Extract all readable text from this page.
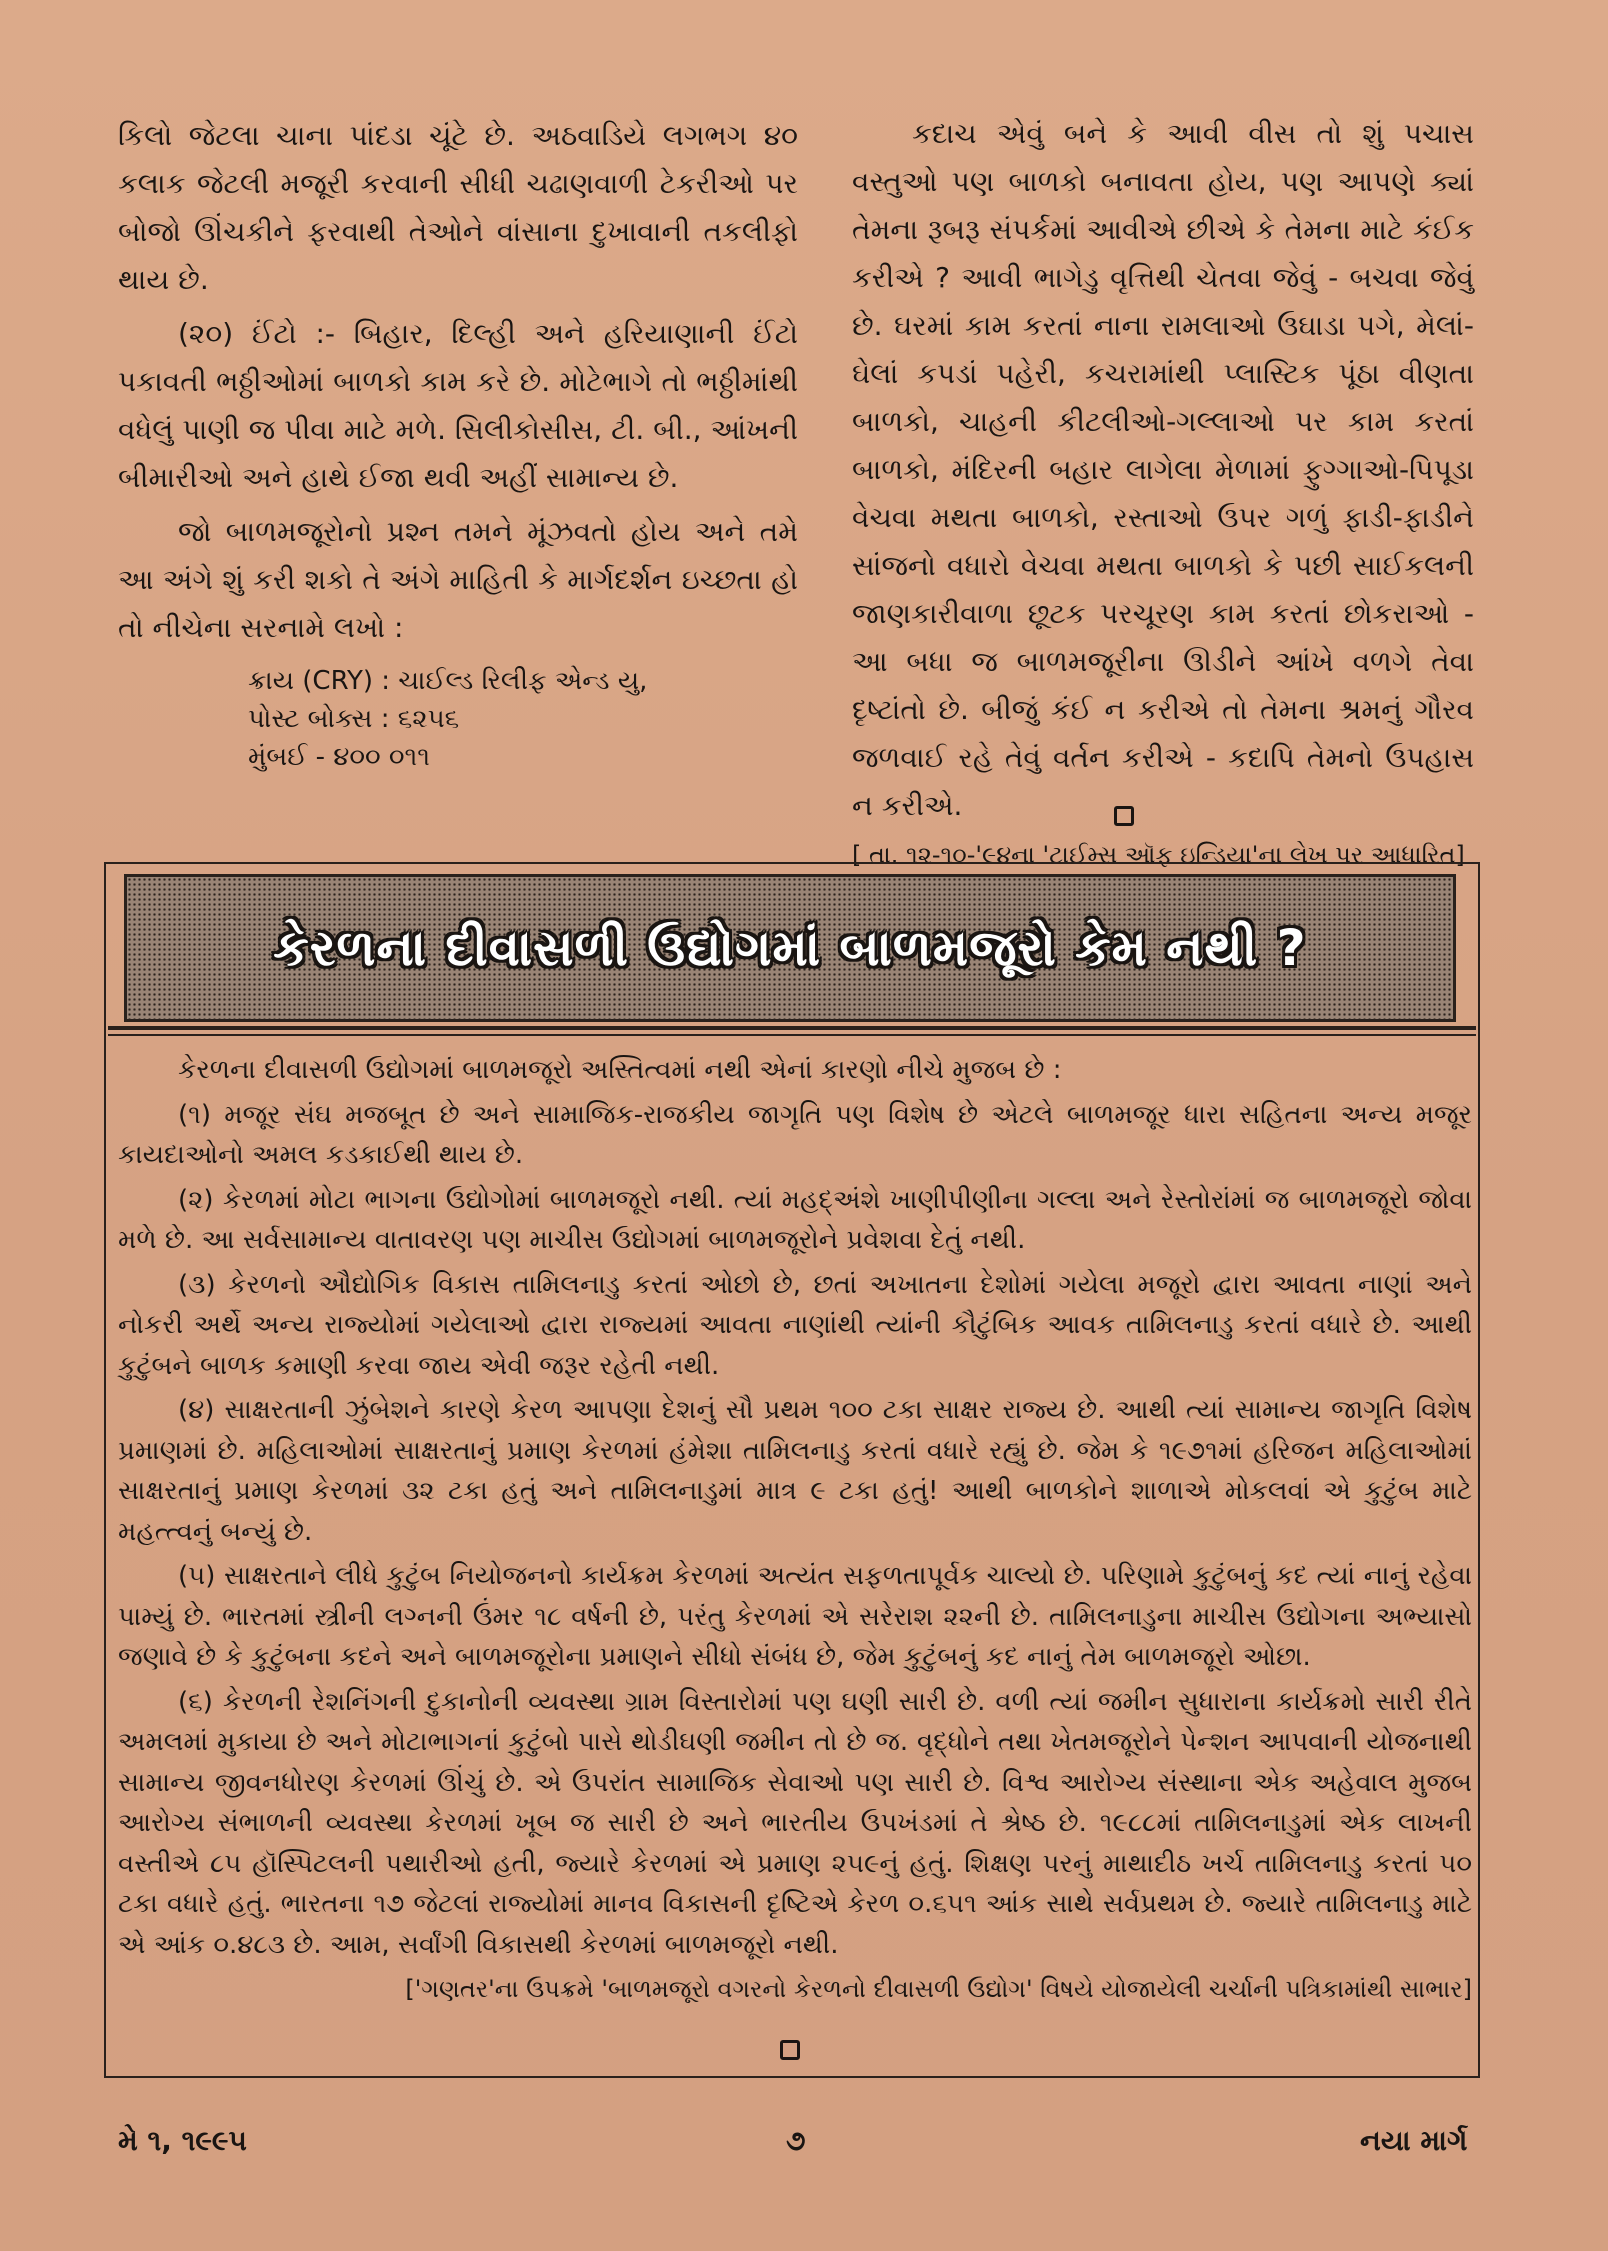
કિલો જેટલા ચાના પાંદડા ચૂંટે છે. અઠવાડિયે લગભગ ૪૦ કલાક જેટલી મજૂરી કરવાની સીધી ચઢાણવાળી ટેકરીઓ પર બોજો ઊંચકીને ફરવાથી તેઓને વાંસાના દુખાવાની તકલીફો થાય છે.

(૨૦) ઈંટો :- બિહાર, દિલ્હી અને હરિયાણાની ઈંટો પકાવતી ભઠ્ઠીઓમાં બાળકો કામ કરે છે. મોટેભાગે તો ભઠ્ઠીમાંથી વધેલું પાણી જ પીવા માટે મળે. સિલીકોસીસ, ટી. બી., આંખની બીમારીઓ અને હાથે ઈજા થવી અહીં સામાન્ય છે.

જો બાળમજૂરોનો પ્રશ્ન તમને મૂંઝવતો હોય અને તમે આ અંગે શું કરી શકો તે અંગે માહિતી કે માર્ગદર્શન ઇચ્છતા હો તો નીચેના સરનામે લખો :

ક્રાય (CRY) : ચાઈલ્ડ રિલીફ એન્ડ યુ,
પોસ્ટ બોક્સ : ૬૨૫૬
મુંબઈ - ૪૦૦ ૦૧૧

કદાચ એવું બને કે આવી વીસ તો શું પચાસ વસ્તુઓ પણ બાળકો બનાવતા હોય, પણ આપણે ક્યાં તેમના રૂબરૂ સંપર્કમાં આવીએ છીએ કે તેમના માટે કંઈક કરીએ ? આવી ભાગેડુ વૃત્તિથી ચેતવા જેવું - બચવા જેવું છે. ઘરમાં કામ કરતાં નાના રામલાઓ ઉઘાડા પગે, મેલાં-ઘેલાં કપડાં પહેરી, કચરામાંથી પ્લાસ્ટિક પૂંઠા વીણતા બાળકો, ચાહની કીટલીઓ-ગલ્લાઓ પર કામ કરતાં બાળકો, મંદિરની બહાર લાગેલા મેળામાં ફુગ્ગાઓ-પિપૂડા વેચવા મથતા બાળકો, રસ્તાઓ ઉપર ગળું ફાડી-ફાડીને સાંજનો વધારો વેચવા મથતા બાળકો કે પછી સાઈકલની જાણકારીવાળા છૂટક પરચૂરણ કામ કરતાં છોકરાઓ - આ બધા જ બાળમજૂરીના ઊડીને આંખે વળગે તેવા દૃષ્ટાંતો છે. બીજું કંઈ ન કરીએ તો તેમના શ્રમનું ગૌરવ જળવાઈ રહે તેવું વર્તન કરીએ - કદાપિ તેમનો ઉપહાસ ન કરીએ.

[ તા. ૧૨-૧૦-'૯૪ના 'ટાઈમ્સ ઑફ ઇન્ડિયા'ના લેખ પર આધારિત]
કેરળના દીવાસળી ઉદ્યોગમાં બાળમજૂરો કેમ નથી ?

કેરળના દીવાસળી ઉદ્યોગમાં બાળમજૂરો અસ્તિત્વમાં નથી એનાં કારણો નીચે મુજબ છે :

(૧) મજૂર સંઘ મજબૂત છે અને સામાજિક-રાજકીય જાગૃતિ પણ વિશેષ છે એટલે બાળમજૂર ધારા સહિતના અન્ય મજૂર કાયદાઓનો અમલ કડકાઈથી થાય છે.

(૨) કેરળમાં મોટા ભાગના ઉદ્યોગોમાં બાળમજૂરો નથી. ત્યાં મહદ્અંશે ખાણીપીણીના ગલ્લા અને રેસ્તોરાંમાં જ બાળમજૂરો જોવા મળે છે. આ સર્વસામાન્ય વાતાવરણ પણ માચીસ ઉદ્યોગમાં બાળમજૂરોને પ્રવેશવા દેતું નથી.

(૩) કેરળનો ઔદ્યોગિક વિકાસ તામિલનાડુ કરતાં ઓછો છે, છતાં અખાતના દેશોમાં ગયેલા મજૂરો દ્વારા આવતા નાણાં અને નોકરી અર્થે અન્ય રાજ્યોમાં ગયેલાઓ દ્વારા રાજ્યમાં આવતા નાણાંથી ત્યાંની કૌટુંબિક આવક તામિલનાડુ કરતાં વધારે છે. આથી કુટુંબને બાળક કમાણી કરવા જાય એવી જરૂર રહેતી નથી.

(૪) સાક્ષરતાની ઝુંબેશને કારણે કેરળ આપણા દેશનું સૌ પ્રથમ ૧૦૦ ટકા સાક્ષર રાજ્ય છે. આથી ત્યાં સામાન્ય જાગૃતિ વિશેષ પ્રમાણમાં છે. મહિલાઓમાં સાક્ષરતાનું પ્રમાણ કેરળમાં હંમેશા તામિલનાડુ કરતાં વધારે રહ્યું છે. જેમ કે ૧૯૭૧માં હરિજન મહિલાઓમાં સાક્ષરતાનું પ્રમાણ કેરળમાં ૩૨ ટકા હતું અને તામિલનાડુમાં માત્ર ૯ ટકા હતું! આથી બાળકોને શાળાએ મોકલવાં એ કુટુંબ માટે મહત્ત્વનું બન્યું છે.

(૫) સાક્ષરતાને લીધે કુટુંબ નિયોજનનો કાર્યક્રમ કેરળમાં અત્યંત સફળતાપૂર્વક ચાલ્યો છે. પરિણામે કુટુંબનું કદ ત્યાં નાનું રહેવા પામ્યું છે. ભારતમાં સ્ત્રીની લગ્નની ઉંમર ૧૮ વર્ષની છે, પરંતુ કેરળમાં એ સરેરાશ ૨૨ની છે. તામિલનાડુના માચીસ ઉદ્યોગના અભ્યાસો જણાવે છે કે કુટુંબના કદને અને બાળમજૂરોના પ્રમાણને સીધો સંબંધ છે, જેમ કુટુંબનું કદ નાનું તેમ બાળમજૂરો ઓછા.

(૬) કેરળની રેશનિંગની દુકાનોની વ્યવસ્થા ગ્રામ વિસ્તારોમાં પણ ઘણી સારી છે. વળી ત્યાં જમીન સુધારાના કાર્યક્રમો સારી રીતે અમલમાં મુકાયા છે અને મોટાભાગનાં કુટુંબો પાસે થોડીઘણી જમીન તો છે જ. વૃદ્ધોને તથા ખેતમજૂરોને પેન્શન આપવાની યોજનાથી સામાન્ય જીવનધોરણ કેરળમાં ઊંચું છે. એ ઉપરાંત સામાજિક સેવાઓ પણ સારી છે. વિશ્વ આરોગ્ય સંસ્થાના એક અહેવાલ મુજબ આરોગ્ય સંભાળની વ્યવસ્થા કેરળમાં ખૂબ જ સારી છે અને ભારતીય ઉપખંડમાં તે શ્રેષ્ઠ છે. ૧૯૮૮માં તામિલનાડુમાં એક લાખની વસ્તીએ ૮૫ હૉસ્પિટલની પથારીઓ હતી, જ્યારે કેરળમાં એ પ્રમાણ ૨૫૯નું હતું. શિક્ષણ પરનું માથાદીઠ ખર્ચ તામિલનાડુ કરતાં ૫૦ ટકા વધારે હતું. ભારતના ૧૭ જેટલાં રાજ્યોમાં માનવ વિકાસની દૃષ્ટિએ કેરળ ૦.૬૫૧ આંક સાથે સર્વપ્રથમ છે. જ્યારે તામિલનાડુ માટે એ આંક ૦.૪૮૩ છે. આમ, સર્વાંગી વિકાસથી કેરળમાં બાળમજૂરો નથી.

['ગણતર'ના ઉપક્રમે 'બાળમજૂરો વગરનો કેરળનો દીવાસળી ઉદ્યોગ' વિષયે યોજાયેલી ચર્ચાની પત્રિકામાંથી સાભાર]

મે ૧, ૧૯૯૫	૭	નયા માર્ગ
